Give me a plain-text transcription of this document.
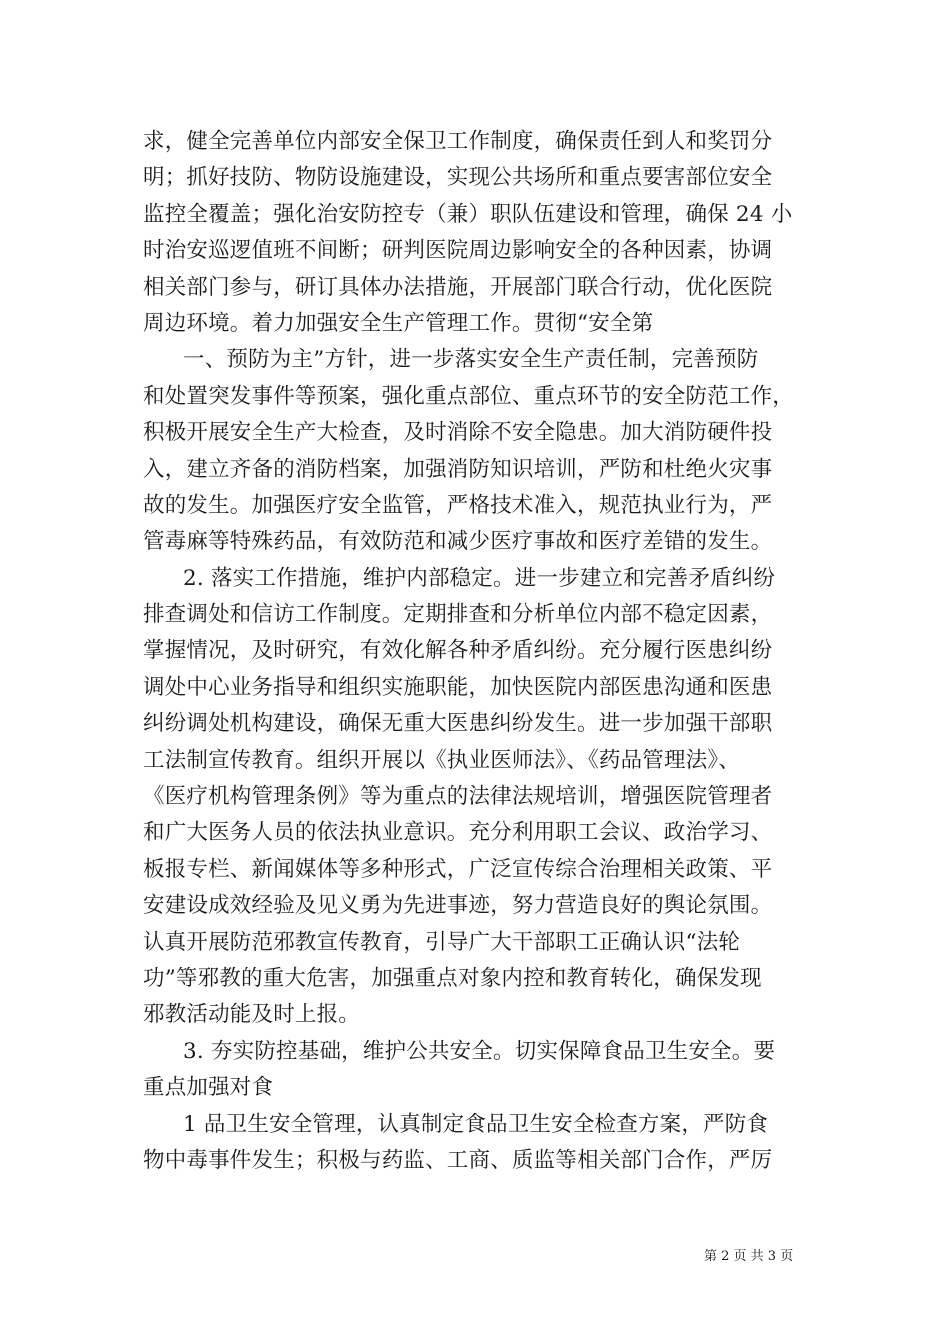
求，健全完善单位内部安全保卫工作制度，确保责任到人和奖罚分
明；抓好技防、物防设施建设，实现公共场所和重点要害部位安全
监控全覆盖；强化治安防控专（兼）职队伍建设和管理，确保 24 小
时治安巡逻值班不间断；研判医院周边影响安全的各种因素，协调
相关部门参与，研订具体办法措施，开展部门联合行动，优化医院
周边环境。着力加强安全生产管理工作。贯彻“安全第
一、预防为主”方针，进一步落实安全生产责任制，完善预防
和处置突发事件等预案，强化重点部位、重点环节的安全防范工作，
积极开展安全生产大检查，及时消除不安全隐患。加大消防硬件投
入，建立齐备的消防档案，加强消防知识培训，严防和杜绝火灾事
故的发生。加强医疗安全监管，严格技术准入，规范执业行为，严
管毒麻等特殊药品，有效防范和减少医疗事故和医疗差错的发生。
2. 落实工作措施，维护内部稳定。进一步建立和完善矛盾纠纷
排查调处和信访工作制度。定期排查和分析单位内部不稳定因素，
掌握情况，及时研究，有效化解各种矛盾纠纷。充分履行医患纠纷
调处中心业务指导和组织实施职能，加快医院内部医患沟通和医患
纠纷调处机构建设，确保无重大医患纠纷发生。进一步加强干部职
工法制宣传教育。组织开展以《执业医师法》、《药品管理法》、
《医疗机构管理条例》等为重点的法律法规培训，增强医院管理者
和广大医务人员的依法执业意识。充分利用职工会议、政治学习、
板报专栏、新闻媒体等多种形式，广泛宣传综合治理相关政策、平
安建设成效经验及见义勇为先进事迹，努力营造良好的舆论氛围。
认真开展防范邪教宣传教育，引导广大干部职工正确认识“法轮
功”等邪教的重大危害，加强重点对象内控和教育转化，确保发现
邪教活动能及时上报。
3. 夯实防控基础，维护公共安全。切实保障食品卫生安全。要
重点加强对食
1 品卫生安全管理，认真制定食品卫生安全检查方案，严防食
物中毒事件发生；积极与药监、工商、质监等相关部门合作，严厉
第 2 页 共 3 页
